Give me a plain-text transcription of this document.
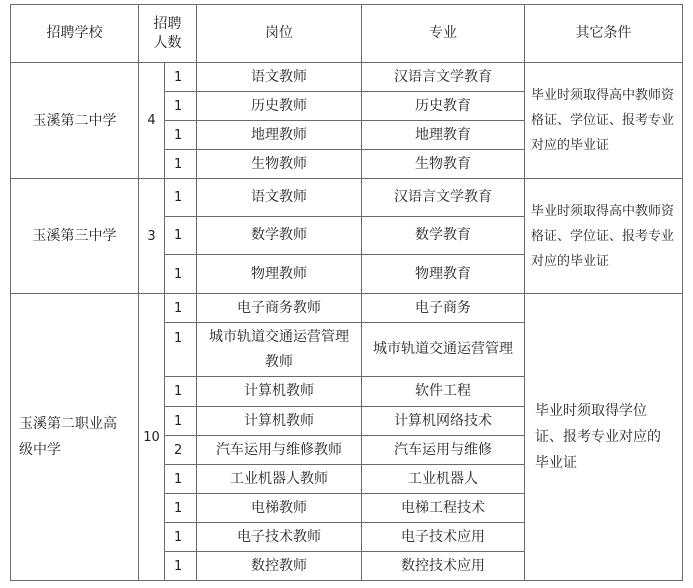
招聘学校	招聘人数		岗位	专业	其它条件
玉溪第二中学	4	1	语文教师	汉语言文学教育	毕业时须取得高中教师资格证、学位证、报考专业对应的毕业证
		1	历史教师	历史教育	
		1	地理教师	地理教育	
		1	生物教师	生物教育	
玉溪第三中学	3	1	语文教师	汉语言文学教育	毕业时须取得高中教师资格证、学位证、报考专业对应的毕业证
		1	数学教师	数学教育	
		1	物理教师	物理教育	
玉溪第二职业高级中学	10	1	电子商务教师	电子商务	毕业时须取得学位证、报考专业对应的毕业证
		1	城市轨道交通运营管理教师	城市轨道交通运营管理	
		1	计算机教师	软件工程	
		1	计算机教师	计算机网络技术	
		2	汽车运用与维修教师	汽车运用与维修	
		1	工业机器人教师	工业机器人	
		1	电梯教师	电梯工程技术	
		1	电子技术教师	电子技术应用	
		1	数控教师	数控技术应用	
